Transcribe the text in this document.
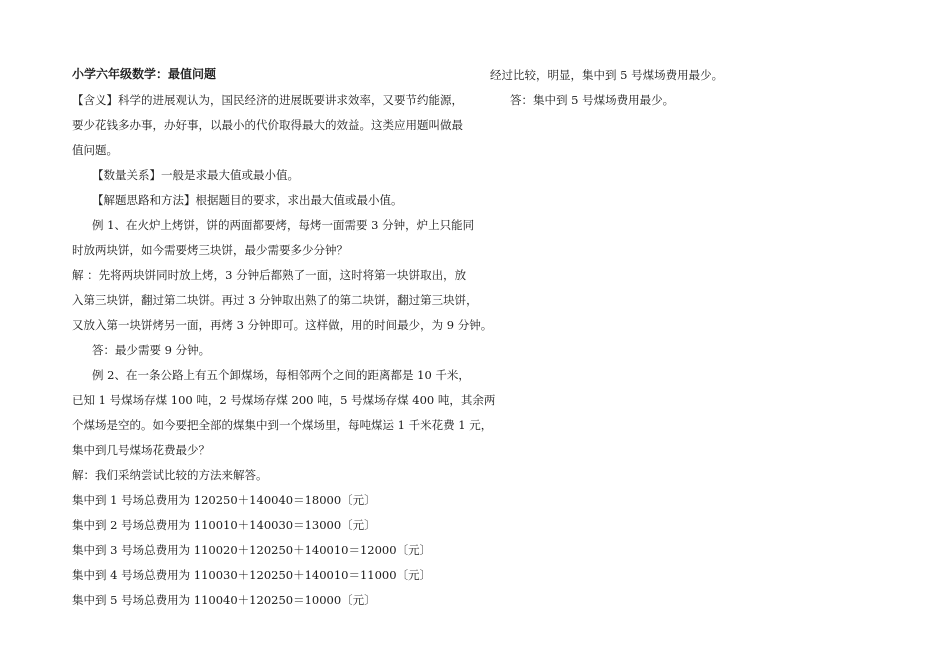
小学六年级数学：最值问题
【含义】科学的进展观认为，国民经济的进展既要讲求效率，又要节约能源，
要少花钱多办事，办好事，以最小的代价取得最大的效益。这类应用题叫做最
值问题。
【数量关系】一般是求最大值或最小值。
【解题思路和方法】根据题目的要求，求出最大值或最小值。
例 1、在火炉上烤饼，饼的两面都要烤，每烤一面需要 3 分钟，炉上只能同
时放两块饼，如今需要烤三块饼，最少需要多少分钟？
解 ：先将两块饼同时放上烤，3 分钟后都熟了一面，这时将第一块饼取出，放
入第三块饼，翻过第二块饼。再过 3 分钟取出熟了的第二块饼，翻过第三块饼，
又放入第一块饼烤另一面，再烤 3 分钟即可。这样做，用的时间最少，为 9 分钟。
答：最少需要 9 分钟。
例 2、在一条公路上有五个卸煤场，每相邻两个之间的距离都是 10 千米，
已知 1 号煤场存煤 100 吨，2 号煤场存煤 200 吨，5 号煤场存煤 400 吨，其余两
个煤场是空的。如今要把全部的煤集中到一个煤场里，每吨煤运 1 千米花费 1 元，
集中到几号煤场花费最少？
解：我们采纳尝试比较的方法来解答。
集中到 1 号场总费用为 120250＋140040＝18000〔元〕
集中到 2 号场总费用为 110010＋140030＝13000〔元〕
集中到 3 号场总费用为 110020＋120250＋140010＝12000〔元〕
集中到 4 号场总费用为 110030＋120250＋140010＝11000〔元〕
集中到 5 号场总费用为 110040＋120250＝10000〔元〕
经过比较，明显，集中到 5 号煤场费用最少。
答：集中到 5 号煤场费用最少。
